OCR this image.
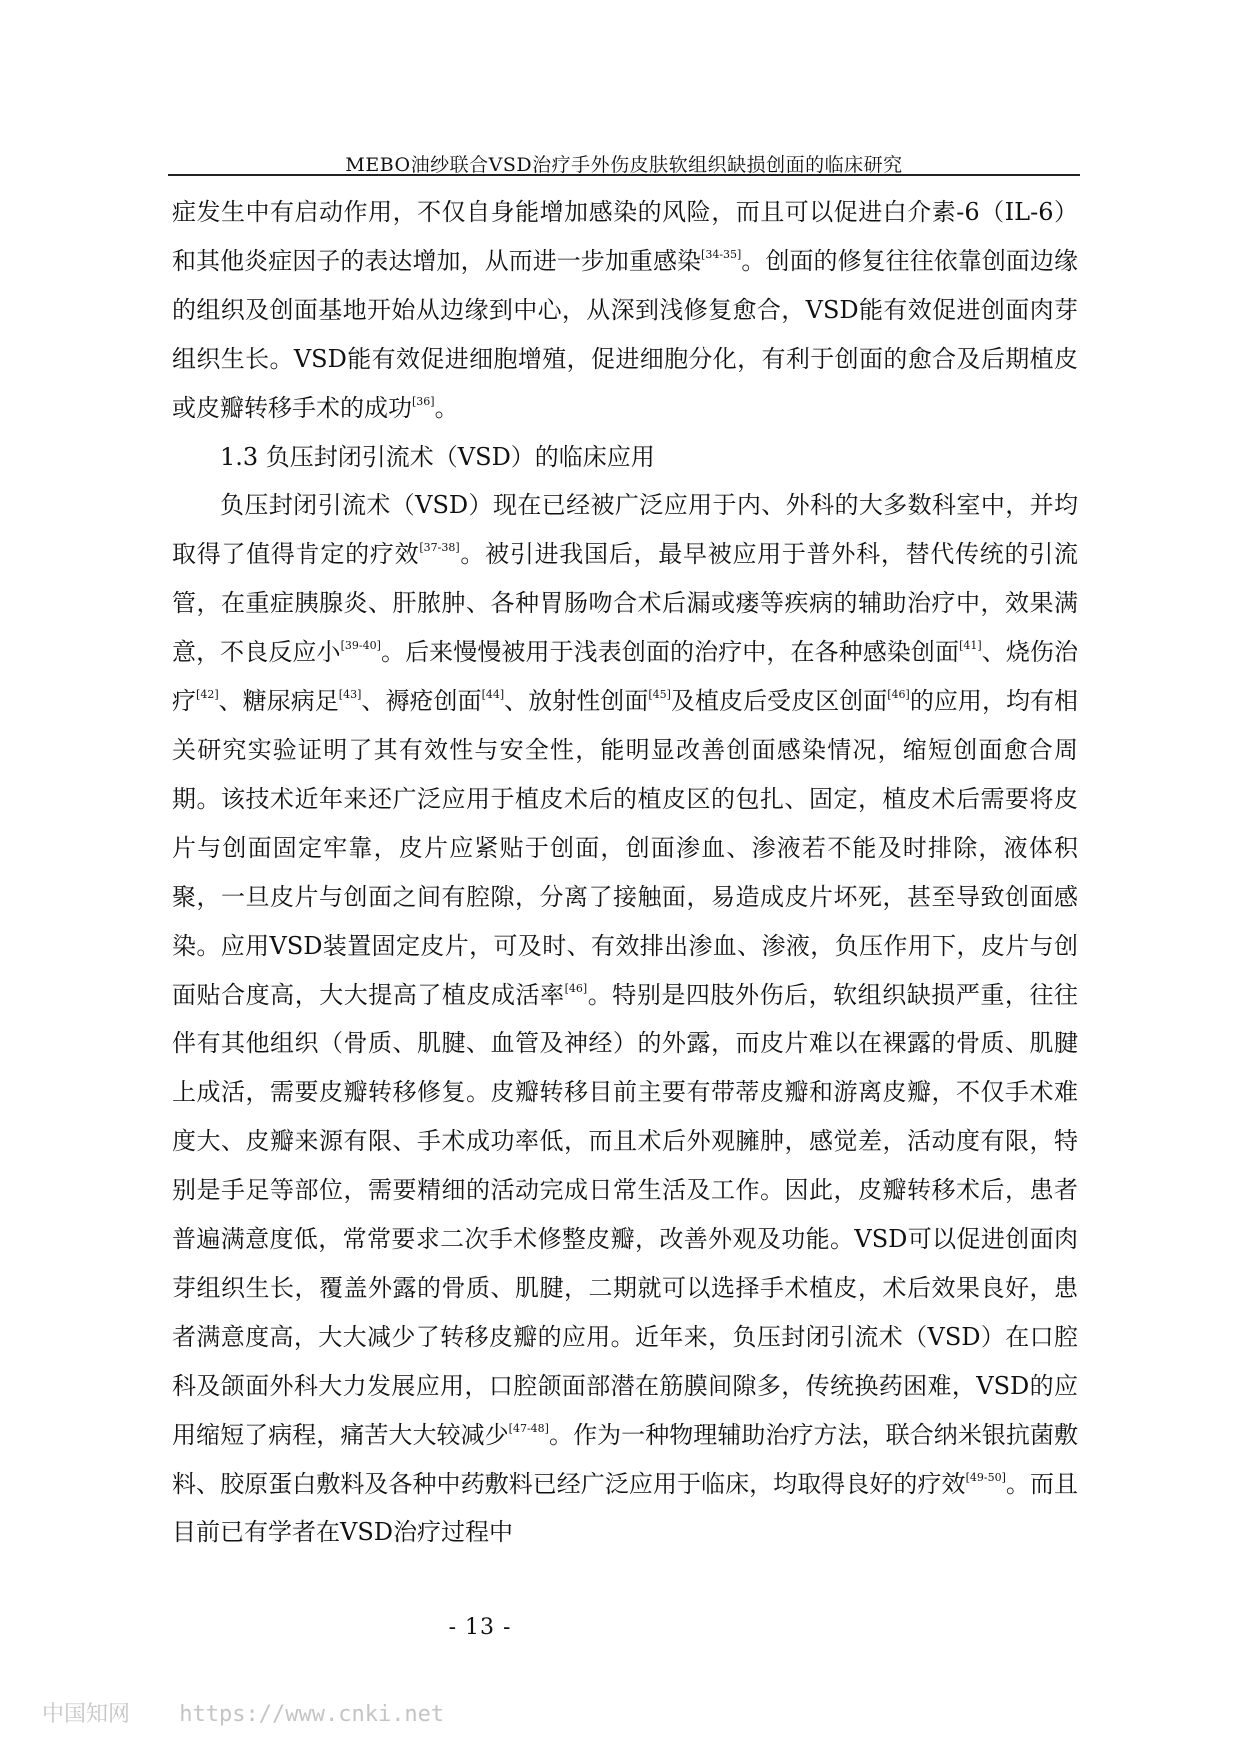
MEBO油纱联合VSD治疗手外伤皮肤软组织缺损创面的临床研究

症发生中有启动作用，不仅自身能增加感染的风险，而且可以促进白介素-6（IL-6）和其他炎症因子的表达增加，从而进一步加重感染[34-35]。创面的修复往往依靠创面边缘的组织及创面基地开始从边缘到中心，从深到浅修复愈合，VSD能有效促进创面肉芽组织生长。VSD能有效促进细胞增殖，促进细胞分化，有利于创面的愈合及后期植皮或皮瓣转移手术的成功[36]。

1.3 负压封闭引流术（VSD）的临床应用

负压封闭引流术（VSD）现在已经被广泛应用于内、外科的大多数科室中，并均取得了值得肯定的疗效[37-38]。被引进我国后，最早被应用于普外科，替代传统的引流管，在重症胰腺炎、肝脓肿、各种胃肠吻合术后漏或瘘等疾病的辅助治疗中，效果满意，不良反应小[39-40]。后来慢慢被用于浅表创面的治疗中，在各种感染创面[41]、烧伤治疗[42]、糖尿病足[43]、褥疮创面[44]、放射性创面[45]及植皮后受皮区创面[46]的应用，均有相关研究实验证明了其有效性与安全性，能明显改善创面感染情况，缩短创面愈合周期。该技术近年来还广泛应用于植皮术后的植皮区的包扎、固定，植皮术后需要将皮片与创面固定牢靠，皮片应紧贴于创面，创面渗血、渗液若不能及时排除，液体积聚，一旦皮片与创面之间有腔隙，分离了接触面，易造成皮片坏死，甚至导致创面感染。应用VSD装置固定皮片，可及时、有效排出渗血、渗液，负压作用下，皮片与创面贴合度高，大大提高了植皮成活率[46]。特别是四肢外伤后，软组织缺损严重，往往伴有其他组织（骨质、肌腱、血管及神经）的外露，而皮片难以在裸露的骨质、肌腱上成活，需要皮瓣转移修复。皮瓣转移目前主要有带蒂皮瓣和游离皮瓣，不仅手术难度大、皮瓣来源有限、手术成功率低，而且术后外观臃肿，感觉差，活动度有限，特别是手足等部位，需要精细的活动完成日常生活及工作。因此，皮瓣转移术后，患者普遍满意度低，常常要求二次手术修整皮瓣，改善外观及功能。VSD可以促进创面肉芽组织生长，覆盖外露的骨质、肌腱，二期就可以选择手术植皮，术后效果良好，患者满意度高，大大减少了转移皮瓣的应用。近年来，负压封闭引流术（VSD）在口腔科及颌面外科大力发展应用，口腔颌面部潜在筋膜间隙多，传统换药困难，VSD的应用缩短了病程，痛苦大大较减少[47-48]。作为一种物理辅助治疗方法，联合纳米银抗菌敷料、胶原蛋白敷料及各种中药敷料已经广泛应用于临床，均取得良好的疗效[49-50]。而且目前已有学者在VSD治疗过程中

- 13 -
中国知网 https://www.cnki.net
